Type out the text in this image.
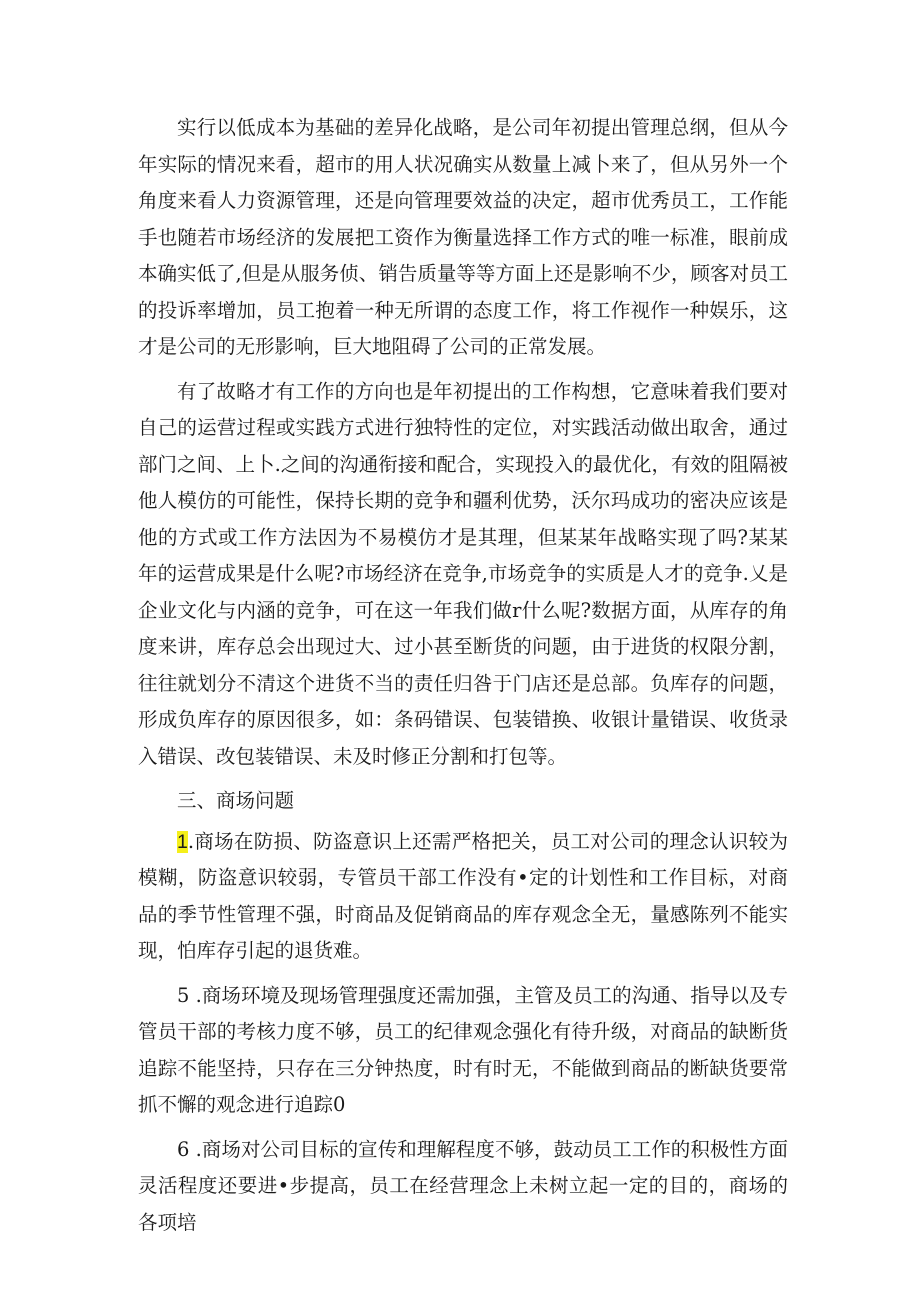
实行以低成本为基础的差异化战略，是公司年初提出管理总纲，但从今年实际的情况来看，超市的用人状况确实从数量上减卜来了，但从另外一个角度来看人力资源管理，还是向管理要效益的决定，超市优秀员工，工作能手也随若市场经济的发展把工资作为衡量选择工作方式的唯一标准，眼前成本确实低了,但是从服务侦、销告质量等等方面上还是影响不少，顾客对员工的投诉率增加，员工抱着一种无所谓的态度工作，将工作视作一种娱乐，这才是公司的无形影响，巨大地阻碍了公司的正常发展。

有了故略才有工作的方向也是年初提出的工作构想，它意味着我们要对自己的运营过程或实践方式进行独特性的定位，对实践活动做出取舍，通过部门之间、上卜.之间的沟通衔接和配合，实现投入的最优化，有效的阻隔被他人模仿的可能性，保持长期的竞争和疆利优势，沃尔玛成功的密决应该是他的方式或工作方法因为不易模仿才是其理，但某某年战略实现了吗?某某年的运营成果是什么呢?市场经济在竞争,市场竞争的实质是人才的竞争.乂是企业文化与内涵的竞争，可在这一年我们做r什么呢?数据方面，从库存的角度来讲，库存总会出现过大、过小甚至断货的问题，由于进货的权限分割，往往就划分不清这个进货不当的责任归咎于门店还是总部。负库存的问题，形成负库存的原因很多，如：条码错误、包装错换、收银计量错误、收货录入错误、改包装错误、未及时修正分割和打包等。

三、商场问题

1.商场在防损、防盗意识上还需严格把关，员工对公司的理念认识较为模糊，防盗意识较弱，专管员干部工作没有•定的计划性和工作目标，对商品的季节性管理不强，时商品及促销商品的库存观念全无，量感陈列不能实现，怕库存引起的退货难。

5 .商场环境及现场管理强度还需加强，主管及员工的沟通、指导以及专管员干部的考核力度不够，员工的纪律观念强化有待升级，对商品的缺断货追踪不能坚持，只存在三分钟热度，时有时无，不能做到商品的断缺货要常抓不懈的观念进行追踪0

6 .商场对公司目标的宣传和理解程度不够，鼓动员工工作的积极性方面灵活程度还要进•步提高，员工在经营理念上未树立起一定的目的，商场的各项培
